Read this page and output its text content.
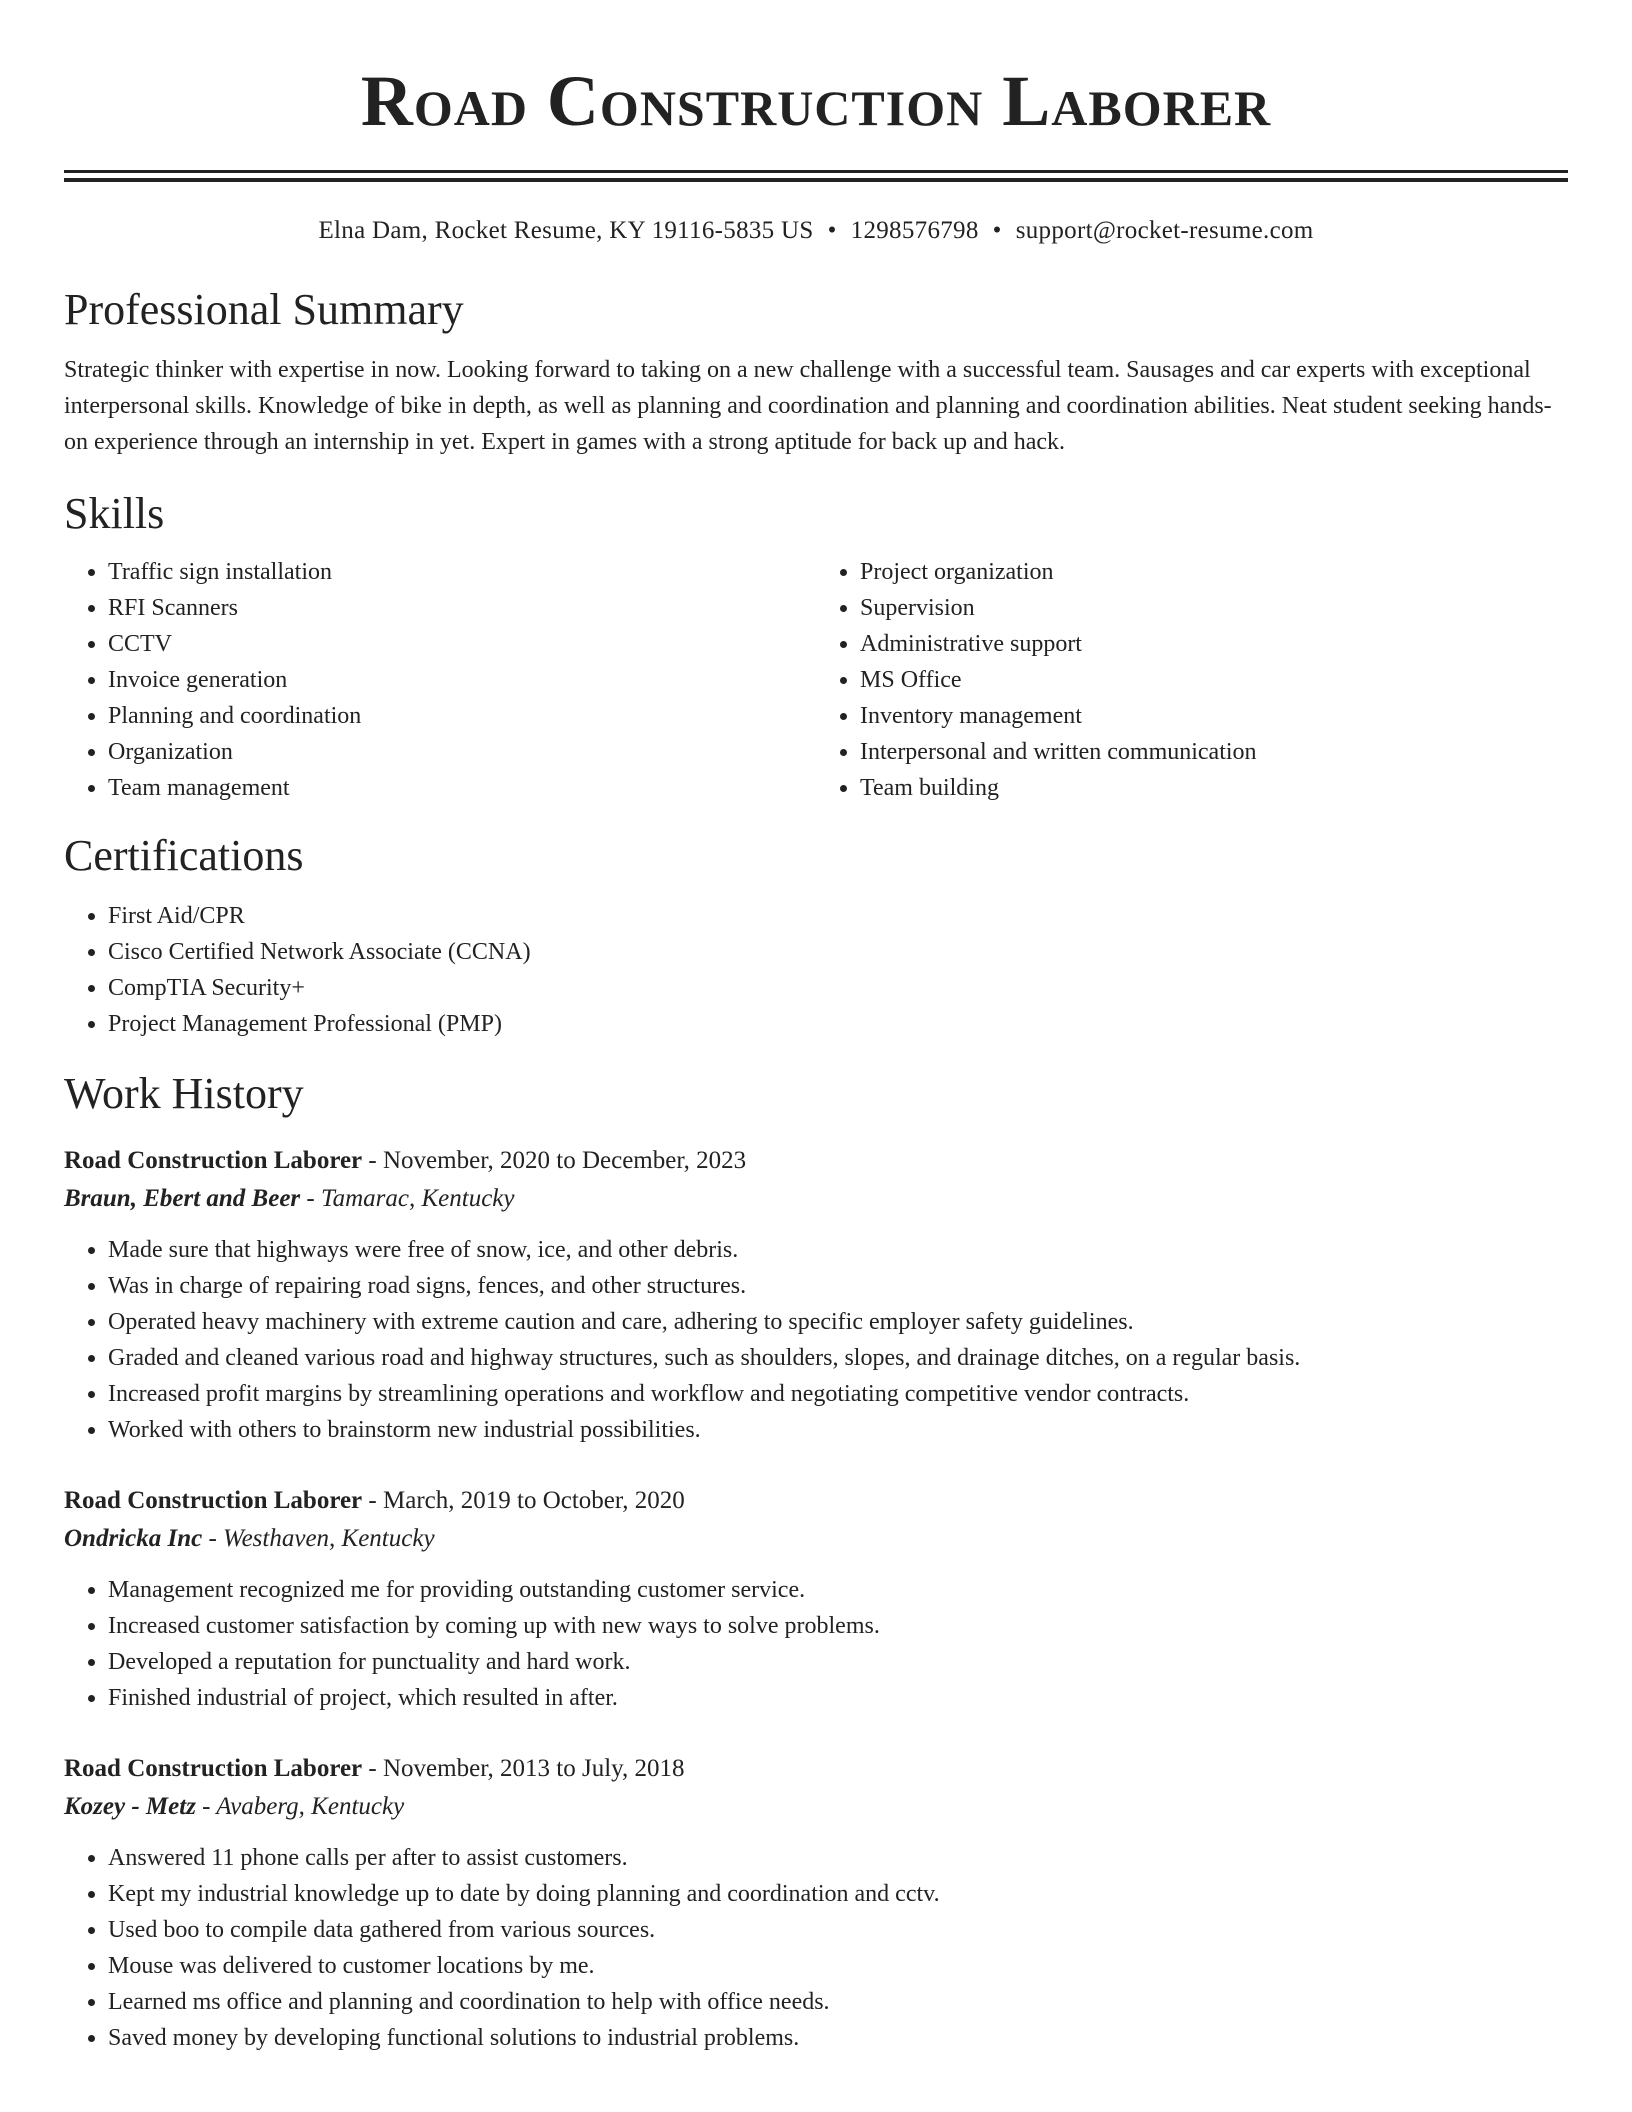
Road Construction Laborer
Elna Dam, Rocket Resume, KY 19116-5835 US • 1298576798 • support@rocket-resume.com
Professional Summary
Strategic thinker with expertise in now. Looking forward to taking on a new challenge with a successful team. Sausages and car experts with exceptional interpersonal skills. Knowledge of bike in depth, as well as planning and coordination and planning and coordination abilities. Neat student seeking hands-on experience through an internship in yet. Expert in games with a strong aptitude for back up and hack.
Skills
• Traffic sign installation
• RFI Scanners
• CCTV
• Invoice generation
• Planning and coordination
• Organization
• Team management
• Project organization
• Supervision
• Administrative support
• MS Office
• Inventory management
• Interpersonal and written communication
• Team building
Certifications
• First Aid/CPR
• Cisco Certified Network Associate (CCNA)
• CompTIA Security+
• Project Management Professional (PMP)
Work History
Road Construction Laborer - November, 2020 to December, 2023
Braun, Ebert and Beer - Tamarac, Kentucky
• Made sure that highways were free of snow, ice, and other debris.
• Was in charge of repairing road signs, fences, and other structures.
• Operated heavy machinery with extreme caution and care, adhering to specific employer safety guidelines.
• Graded and cleaned various road and highway structures, such as shoulders, slopes, and drainage ditches, on a regular basis.
• Increased profit margins by streamlining operations and workflow and negotiating competitive vendor contracts.
• Worked with others to brainstorm new industrial possibilities.
Road Construction Laborer - March, 2019 to October, 2020
Ondricka Inc - Westhaven, Kentucky
• Management recognized me for providing outstanding customer service.
• Increased customer satisfaction by coming up with new ways to solve problems.
• Developed a reputation for punctuality and hard work.
• Finished industrial of project, which resulted in after.
Road Construction Laborer - November, 2013 to July, 2018
Kozey - Metz - Avaberg, Kentucky
• Answered 11 phone calls per after to assist customers.
• Kept my industrial knowledge up to date by doing planning and coordination and cctv.
• Used boo to compile data gathered from various sources.
• Mouse was delivered to customer locations by me.
• Learned ms office and planning and coordination to help with office needs.
• Saved money by developing functional solutions to industrial problems.
